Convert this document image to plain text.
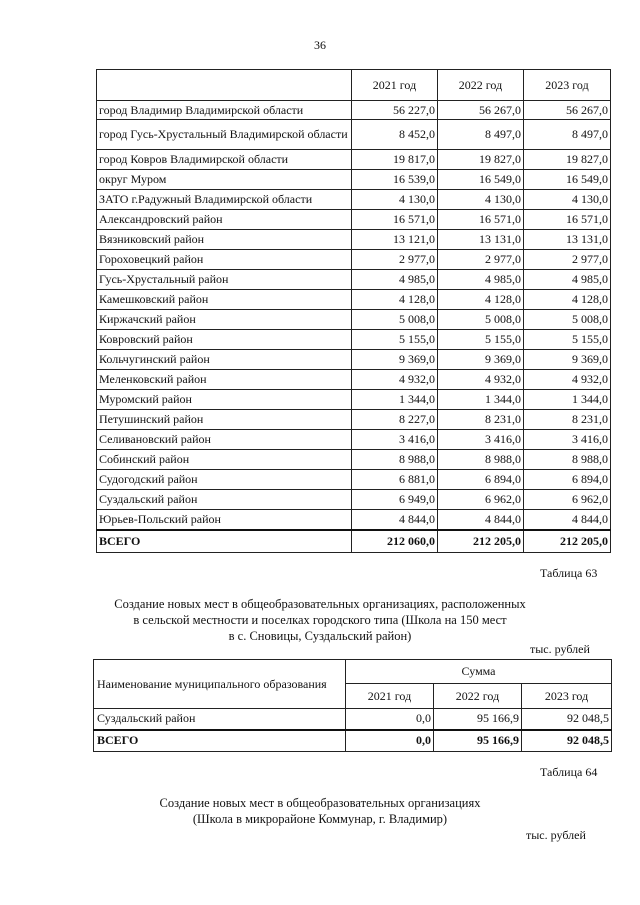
36
	2021 год	2022 год	2023 год
город Владимир Владимирской области	56 227,0	56 267,0	56 267,0
город Гусь-Хрустальный Владимирской области	8 452,0	8 497,0	8 497,0
город Ковров Владимирской области	19 817,0	19 827,0	19 827,0
округ Муром	16 539,0	16 549,0	16 549,0
ЗАТО г.Радужный Владимирской области	4 130,0	4 130,0	4 130,0
Александровский район	16 571,0	16 571,0	16 571,0
Вязниковский район	13 121,0	13 131,0	13 131,0
Гороховецкий район	2 977,0	2 977,0	2 977,0
Гусь-Хрустальный район	4 985,0	4 985,0	4 985,0
Камешковский район	4 128,0	4 128,0	4 128,0
Киржачский район	5 008,0	5 008,0	5 008,0
Ковровский район	5 155,0	5 155,0	5 155,0
Кольчугинский район	9 369,0	9 369,0	9 369,0
Меленковский район	4 932,0	4 932,0	4 932,0
Муромский район	1 344,0	1 344,0	1 344,0
Петушинский район	8 227,0	8 231,0	8 231,0
Селивановский район	3 416,0	3 416,0	3 416,0
Собинский район	8 988,0	8 988,0	8 988,0
Судогодский район	6 881,0	6 894,0	6 894,0
Суздальский район	6 949,0	6 962,0	6 962,0
Юрьев-Польский район	4 844,0	4 844,0	4 844,0
ВСЕГО	212 060,0	212 205,0	212 205,0
Таблица 63
Создание новых мест в общеобразовательных организациях, расположенных
в сельской местности и поселках городского типа (Школа на 150 мест
в с. Сновицы, Суздальский район)
тыс. рублей
Наименование муниципального образования	Сумма		
	2021 год	2022 год	2023 год
Суздальский район	0,0	95 166,9	92 048,5
ВСЕГО	0,0	95 166,9	92 048,5
Таблица 64
Создание новых мест в общеобразовательных организациях
(Школа в микрорайоне Коммунар, г. Владимир)
тыс. рублей
